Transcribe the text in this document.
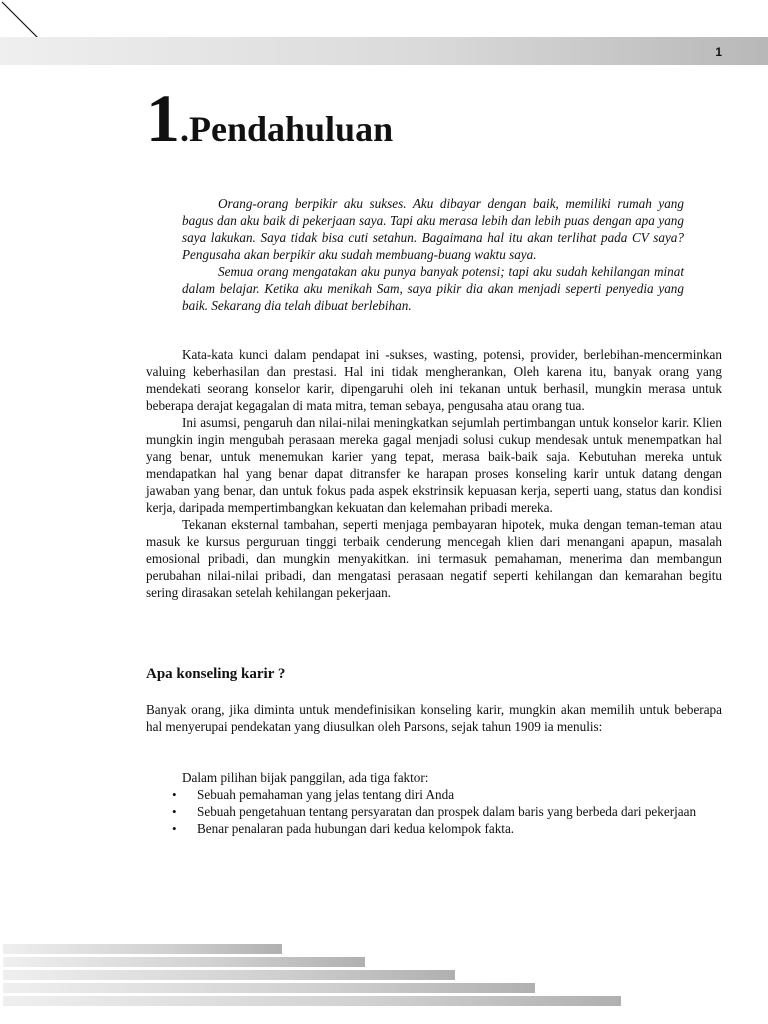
1
1.Pendahuluan

Orang-orang berpikir aku sukses. Aku dibayar dengan baik, memiliki rumah yang bagus dan aku baik di pekerjaan saya. Tapi aku merasa lebih dan lebih puas dengan apa yang saya lakukan. Saya tidak bisa cuti setahun. Bagaimana hal itu akan terlihat pada CV saya? Pengusaha akan berpikir aku sudah membuang-buang waktu saya.

Semua orang mengatakan aku punya banyak potensi; tapi aku sudah kehilangan minat dalam belajar. Ketika aku menikah Sam, saya pikir dia akan menjadi seperti penyedia yang baik. Sekarang dia telah dibuat berlebihan.

Kata-kata kunci dalam pendapat ini -sukses, wasting, potensi, provider, berlebihan-mencerminkan valuing keberhasilan dan prestasi. Hal ini tidak mengherankan, Oleh karena itu, banyak orang yang mendekati seorang konselor karir, dipengaruhi oleh ini tekanan untuk berhasil, mungkin merasa untuk beberapa derajat kegagalan di mata mitra, teman sebaya, pengusaha atau orang tua.

Ini asumsi, pengaruh dan nilai-nilai meningkatkan sejumlah pertimbangan untuk konselor karir. Klien mungkin ingin mengubah perasaan mereka gagal menjadi solusi cukup mendesak untuk menempatkan hal yang benar, untuk menemukan karier yang tepat, merasa baik-baik saja. Kebutuhan mereka untuk mendapatkan hal yang benar dapat ditransfer ke harapan proses konseling karir untuk datang dengan jawaban yang benar, dan untuk fokus pada aspek ekstrinsik kepuasan kerja, seperti uang, status dan kondisi kerja, daripada mempertimbangkan kekuatan dan kelemahan pribadi mereka.

Tekanan eksternal tambahan, seperti menjaga pembayaran hipotek, muka dengan teman-teman atau masuk ke kursus perguruan tinggi terbaik cenderung mencegah klien dari menangani apapun, masalah emosional pribadi, dan mungkin menyakitkan. ini termasuk pemahaman, menerima dan membangun perubahan nilai-nilai pribadi, dan mengatasi perasaan negatif seperti kehilangan dan kemarahan begitu sering dirasakan setelah kehilangan pekerjaan.

Apa konseling karir ?

Banyak orang, jika diminta untuk mendefinisikan konseling karir, mungkin akan memilih untuk beberapa hal menyerupai pendekatan yang diusulkan oleh Parsons, sejak tahun 1909 ia menulis:

Dalam pilihan bijak panggilan, ada tiga faktor:

• Sebuah pemahaman yang jelas tentang diri Anda
• Sebuah pengetahuan tentang persyaratan dan prospek dalam baris yang berbeda dari pekerjaan
• Benar penalaran pada hubungan dari kedua kelompok fakta.
